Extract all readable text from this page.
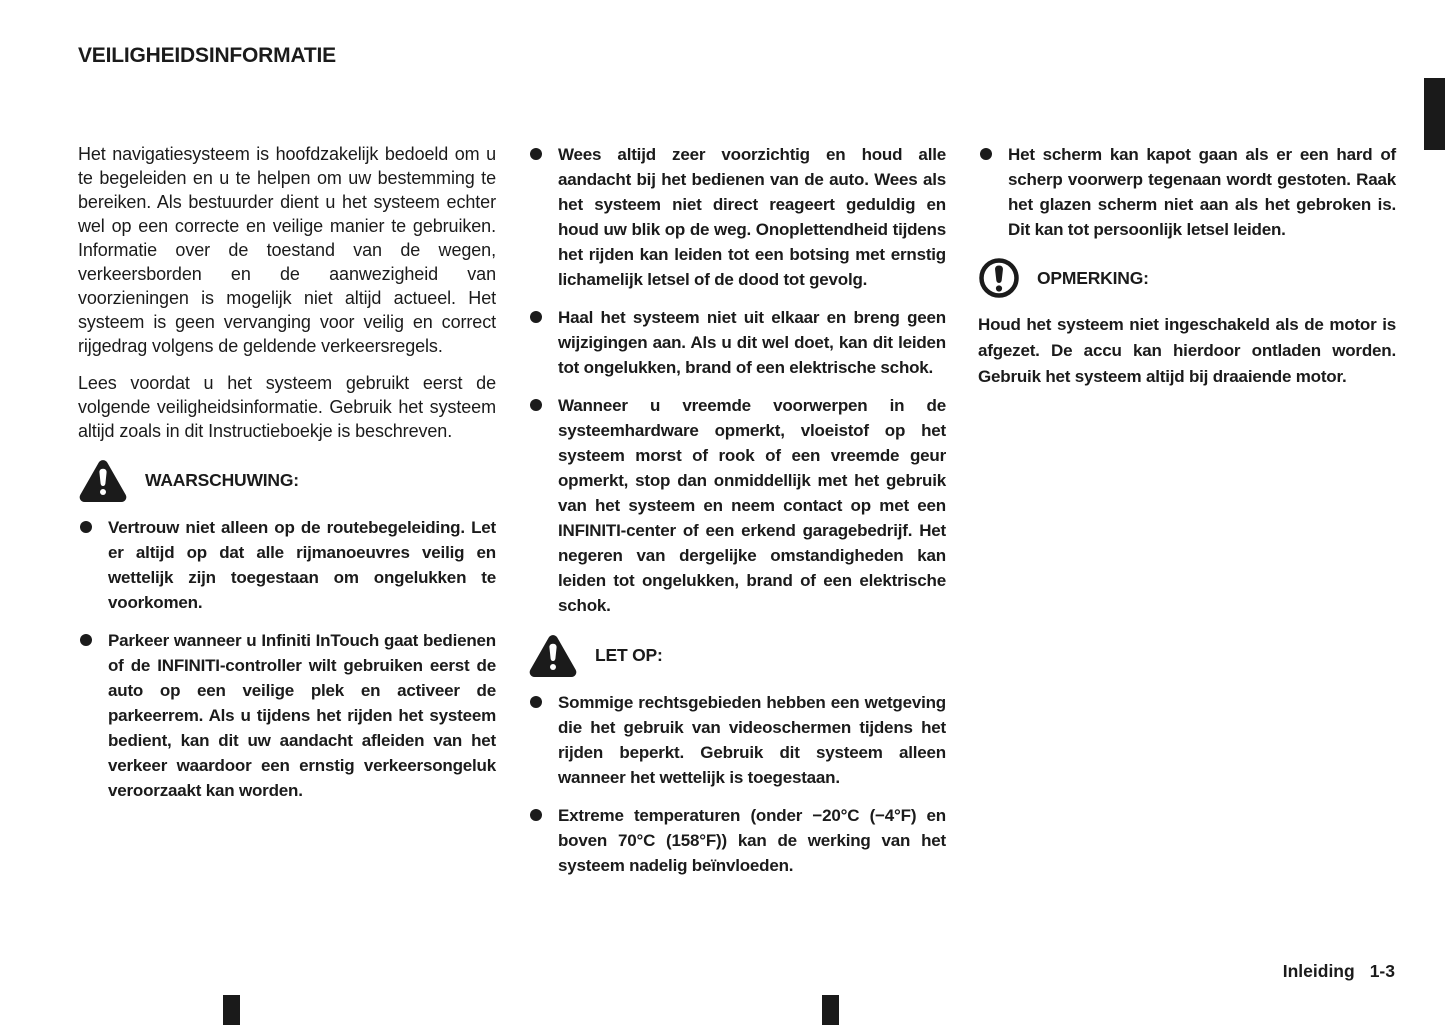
VEILIGHEIDSINFORMATIE

Het navigatiesysteem is hoofdzakelijk bedoeld om u te begeleiden en u te helpen om uw bestemming te bereiken. Als bestuurder dient u het systeem echter wel op een correcte en veilige manier te gebruiken. Informatie over de toestand van de wegen, verkeersborden en de aanwezigheid van voorzieningen is mogelijk niet altijd actueel. Het systeem is geen vervanging voor veilig en correct rijgedrag volgens de geldende verkeersregels.

Lees voordat u het systeem gebruikt eerst de volgende veiligheidsinformatie. Gebruik het systeem altijd zoals in dit Instructieboekje is beschreven.

WAARSCHUWING:

Vertrouw niet alleen op de routebegeleiding. Let er altijd op dat alle rijmanoeuvres veilig en wettelijk zijn toegestaan om ongelukken te voorkomen.

Parkeer wanneer u Infiniti InTouch gaat bedienen of de INFINITI-controller wilt gebruiken eerst de auto op een veilige plek en activeer de parkeerrem. Als u tijdens het rijden het systeem bedient, kan dit uw aandacht afleiden van het verkeer waardoor een ernstig verkeersongeluk veroorzaakt kan worden.

Wees altijd zeer voorzichtig en houd alle aandacht bij het bedienen van de auto. Wees als het systeem niet direct reageert geduldig en houd uw blik op de weg. Onoplettendheid tijdens het rijden kan leiden tot een botsing met ernstig lichamelijk letsel of de dood tot gevolg.

Haal het systeem niet uit elkaar en breng geen wijzigingen aan. Als u dit wel doet, kan dit leiden tot ongelukken, brand of een elektrische schok.

Wanneer u vreemde voorwerpen in de systeemhardware opmerkt, vloeistof op het systeem morst of rook of een vreemde geur opmerkt, stop dan onmiddellijk met het gebruik van het systeem en neem contact op met een INFINITI-center of een erkend garagebedrijf. Het negeren van dergelijke omstandigheden kan leiden tot ongelukken, brand of een elektrische schok.

LET OP:

Sommige rechtsgebieden hebben een wetgeving die het gebruik van videoschermen tijdens het rijden beperkt. Gebruik dit systeem alleen wanneer het wettelijk is toegestaan.

Extreme temperaturen (onder −20°C (−4°F) en boven 70°C (158°F)) kan de werking van het systeem nadelig beïnvloeden.

Het scherm kan kapot gaan als er een hard of scherp voorwerp tegenaan wordt gestoten. Raak het glazen scherm niet aan als het gebroken is. Dit kan tot persoonlijk letsel leiden.

OPMERKING:

Houd het systeem niet ingeschakeld als de motor is afgezet. De accu kan hierdoor ontladen worden. Gebruik het systeem altijd bij draaiende motor.

Inleiding 1-3
